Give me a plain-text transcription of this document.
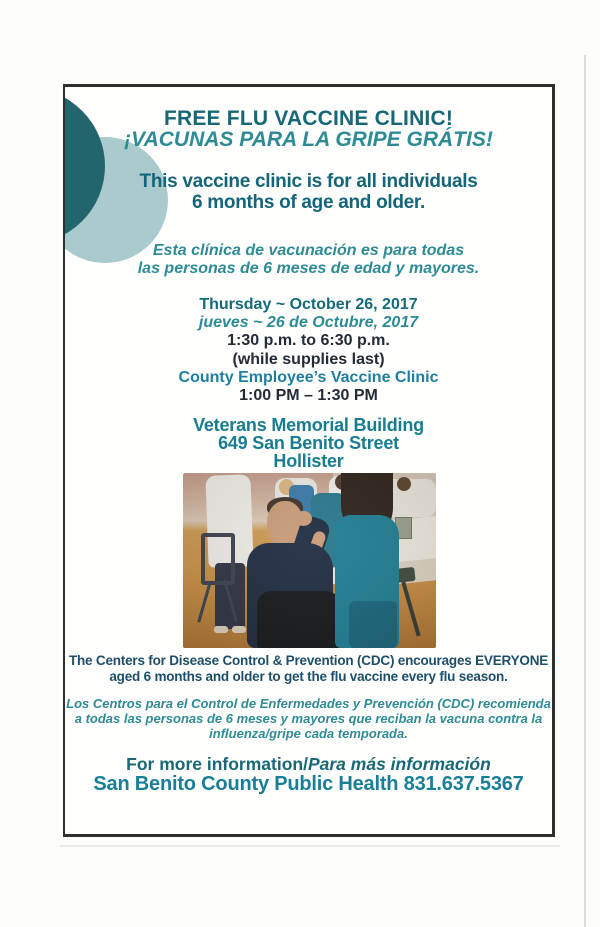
FREE FLU VACCINE CLINIC!
¡VACUNAS PARA LA GRIPE GRÁTIS!
This vaccine clinic is for all individuals
6 months of age and older.
Esta clínica de vacunación es para todas
las personas de 6 meses de edad y mayores.
Thursday ~ October 26, 2017
jueves ~ 26 de Octubre, 2017
1:30 p.m. to 6:30 p.m.
(while supplies last)
County Employee’s Vaccine Clinic
1:00 PM – 1:30 PM
Veterans Memorial Building
649 San Benito Street
Hollister
The Centers for Disease Control & Prevention (CDC) encourages EVERYONE
aged 6 months and older to get the flu vaccine every flu season.
Los Centros para el Control de Enfermedades y Prevención (CDC) recomienda
a todas las personas de 6 meses y mayores que reciban la vacuna contra la
influenza/gripe cada temporada.
For more information/Para más información
San Benito County Public Health 831.637.5367
